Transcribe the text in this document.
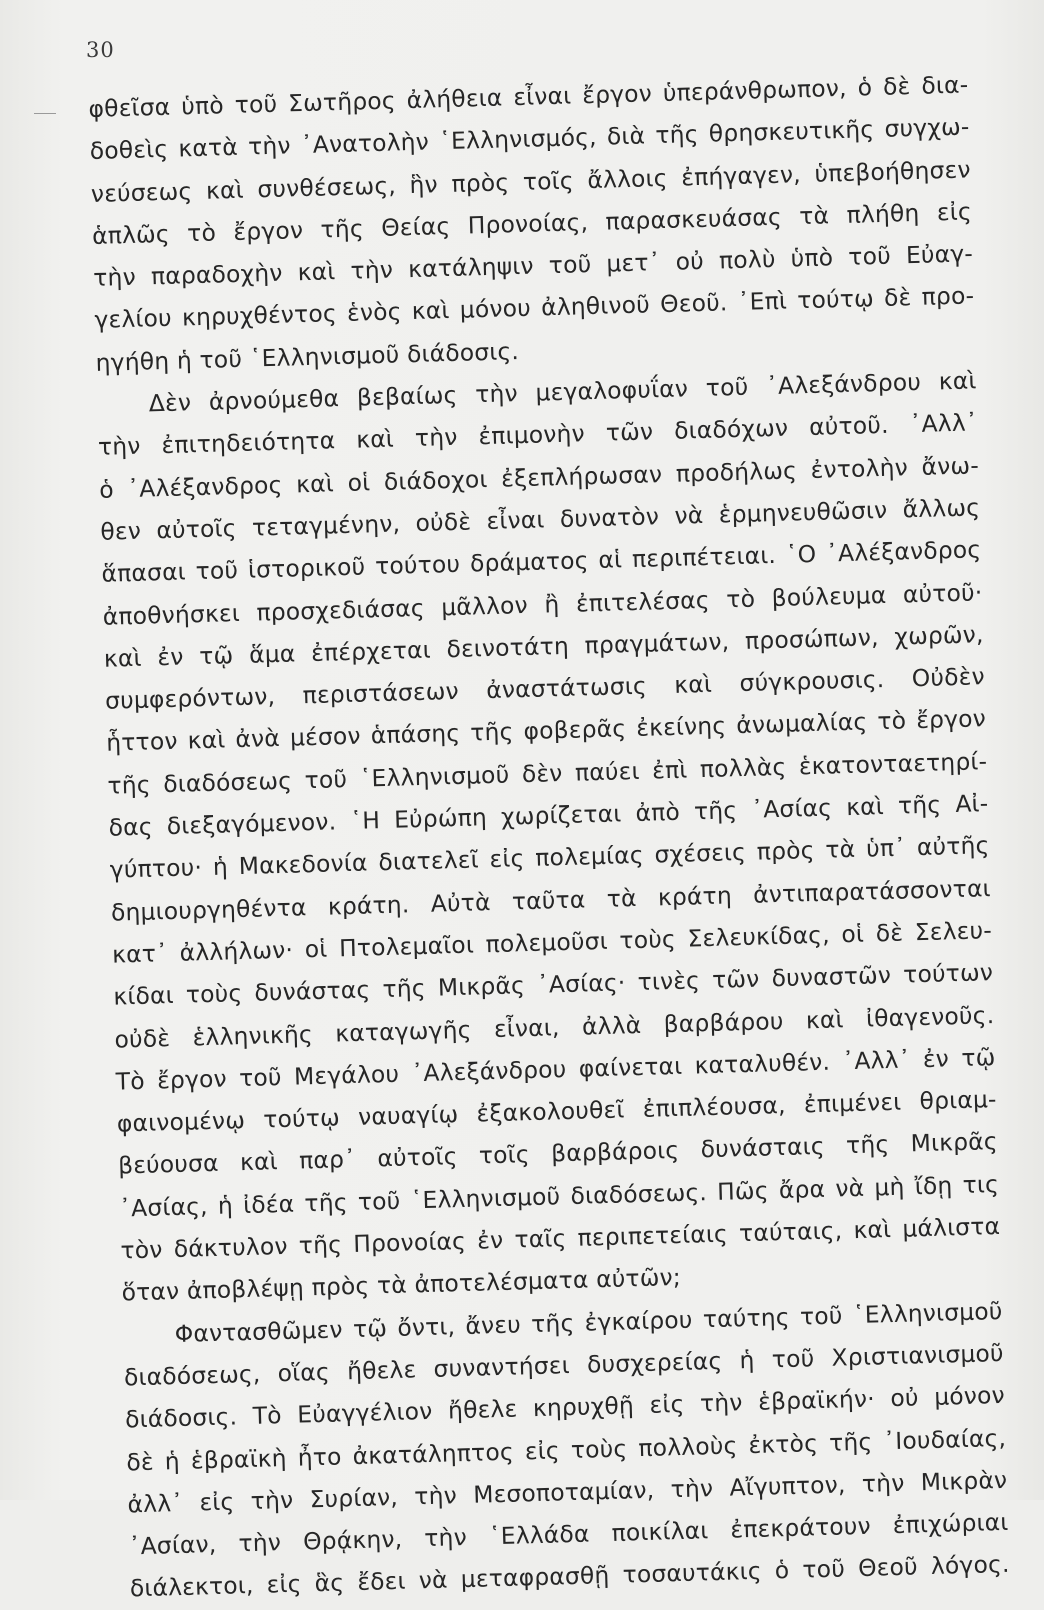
30
φθεῖσα ὑπὸ τοῦ Σωτῆρος ἀλήθεια εἶναι ἔργον ὑπεράνθρωπον, ὁ δὲ δια-
δοθεὶς κατὰ τὴν ᾿Ανατολὴν ῾Ελληνισμός, διὰ τῆς θρησκευτικῆς συγχω-
νεύσεως καὶ συνθέσεως, ἣν πρὸς τοῖς ἄλλοις ἐπήγαγεν, ὑπεβοήθησεν
ἁπλῶς τὸ ἔργον τῆς Θείας Προνοίας, παρασκευάσας τὰ πλήθη εἰς
τὴν παραδοχὴν καὶ τὴν κατάληψιν τοῦ μετ᾿ οὐ πολὺ ὑπὸ τοῦ Εὐαγ-
γελίου κηρυχθέντος ἑνὸς καὶ μόνου ἀληθινοῦ Θεοῦ. ᾿Επὶ τούτῳ δὲ προ-
ηγήθη ἡ τοῦ ῾Ελληνισμοῦ διάδοσις.
Δὲν ἀρνούμεθα βεβαίως τὴν μεγαλοφυΐαν τοῦ ᾿Αλεξάνδρου καὶ
τὴν ἐπιτηδειότητα καὶ τὴν ἐπιμονὴν τῶν διαδόχων αὐτοῦ. ᾿Αλλ᾿
ὁ ᾿Αλέξανδρος καὶ οἱ διάδοχοι ἐξεπλήρωσαν προδήλως ἐντολὴν ἄνω-
θεν αὐτοῖς τεταγμένην, οὐδὲ εἶναι δυνατὸν νὰ ἑρμηνευθῶσιν ἄλλως
ἅπασαι τοῦ ἱστορικοῦ τούτου δράματος αἱ περιπέτειαι. ῾Ο ᾿Αλέξανδρος
ἀποθνήσκει προσχεδιάσας μᾶλλον ἢ ἐπιτελέσας τὸ βούλευμα αὐτοῦ·
καὶ ἐν τῷ ἅμα ἐπέρχεται δεινοτάτη πραγμάτων, προσώπων, χωρῶν,
συμφερόντων, περιστάσεων ἀναστάτωσις καὶ σύγκρουσις. Οὐδὲν
ἧττον καὶ ἀνὰ μέσον ἁπάσης τῆς φοβερᾶς ἐκείνης ἀνωμαλίας τὸ ἔργον
τῆς διαδόσεως τοῦ ῾Ελληνισμοῦ δὲν παύει ἐπὶ πολλὰς ἑκατονταετηρί-
δας διεξαγόμενον. ῾Η Εὐρώπη χωρίζεται ἀπὸ τῆς ᾿Ασίας καὶ τῆς Αἰ-
γύπτου· ἡ Μακεδονία διατελεῖ εἰς πολεμίας σχέσεις πρὸς τὰ ὑπ᾿ αὐτῆς
δημιουργηθέντα κράτη. Αὐτὰ ταῦτα τὰ κράτη ἀντιπαρατάσσονται
κατ᾿ ἀλλήλων· οἱ Πτολεμαῖοι πολεμοῦσι τοὺς Σελευκίδας, οἱ δὲ Σελευ-
κίδαι τοὺς δυνάστας τῆς Μικρᾶς ᾿Ασίας· τινὲς τῶν δυναστῶν τούτων
οὐδὲ ἑλληνικῆς καταγωγῆς εἶναι, ἀλλὰ βαρβάρου καὶ ἰθαγενοῦς.
Τὸ ἔργον τοῦ Μεγάλου ᾿Αλεξάνδρου φαίνεται καταλυθέν. ᾿Αλλ᾿ ἐν τῷ
φαινομένῳ τούτῳ ναυαγίῳ ἐξακολουθεῖ ἐπιπλέουσα, ἐπιμένει θριαμ-
βεύουσα καὶ παρ᾿ αὐτοῖς τοῖς βαρβάροις δυνάσταις τῆς Μικρᾶς
᾿Ασίας, ἡ ἰδέα τῆς τοῦ ῾Ελληνισμοῦ διαδόσεως. Πῶς ἄρα νὰ μὴ ἴδῃ τις
τὸν δάκτυλον τῆς Προνοίας ἐν ταῖς περιπετείαις ταύταις, καὶ μάλιστα
ὅταν ἀποβλέψῃ πρὸς τὰ ἀποτελέσματα αὐτῶν;
Φαντασθῶμεν τῷ ὄντι, ἄνευ τῆς ἐγκαίρου ταύτης τοῦ ῾Ελληνισμοῦ
διαδόσεως, οἵας ἤθελε συναντήσει δυσχερείας ἡ τοῦ Χριστιανισμοῦ
διάδοσις. Τὸ Εὐαγγέλιον ἤθελε κηρυχθῇ εἰς τὴν ἑβραϊκήν· οὐ μόνον
δὲ ἡ ἑβραϊκὴ ἦτο ἀκατάληπτος εἰς τοὺς πολλοὺς ἐκτὸς τῆς ᾿Ιουδαίας,
ἀλλ᾿ εἰς τὴν Συρίαν, τὴν Μεσοποταμίαν, τὴν Αἴγυπτον, τὴν Μικρὰν
᾿Ασίαν, τὴν Θρᾴκην, τὴν ῾Ελλάδα ποικίλαι ἐπεκράτουν ἐπιχώριαι
διάλεκτοι, εἰς ἃς ἔδει νὰ μεταφρασθῇ τοσαυτάκις ὁ τοῦ Θεοῦ λόγος.
